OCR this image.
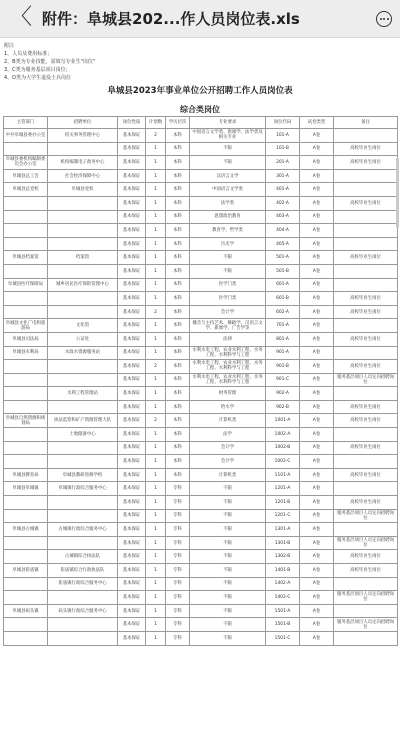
〈 附件：阜城县202...作人员岗位表.xls
附注
1、人员及费用标准；
2、B类为专业技能，需填写专业生"岗位"
3、C类为服务基层项目岗位；
4、D类为大学生退役士兵岗位
阜城县2023年事业单位公开招聘工作人员岗位表
综合类岗位
主管部门	招聘单位	岗位性质	计划数	学历层次	专业要求	岗位代码	试卷类型	备注
中共阜城县委办公室	机关事务管理中心	基本保证	2	本科	中国语言文学类、新闻学、法学类及相关专业	101-A	A卷	
		基本保证	1	本科	不限	101-B	A卷	高校毕业生岗位
阜城县委机构编制委员会办公室	机构编制电子政务中心	基本保证	1	本科	不限	201-A	A卷	高校毕业生岗位
阜城县总工会	社会经济保障中心	基本保证	1	本科	汉语言文学	301-A	A卷	
阜城县总党校	阜城县党校	基本保证	1	本科	中国语言文学类	401-A	A卷	
		基本保证	1	本科	法学类	402-A	A卷	高校毕业生岗位
		基本保证	1	本科	思想政治教育	403-A	A卷	
		基本保证	1	本科	教育学、哲学类	404-A	A卷	
		基本保证	1	本科	历史学	405-A	A卷	
阜城县档案馆	档案馆	基本保证	1	本科	不限	501-A	A卷	高校毕业生岗位
		基本保证	1	本科	不限	501-B	A卷	
阜城县医疗保障局	城乡居民医疗保险管理中心	基本保证	1	本科	医学门类	601-A	A卷	
		基本保证	1	本科	医学门类	601-B	A卷	高校毕业生岗位
		基本保证	2	本科	会计学	602-A	A卷	高校毕业生岗位
阜城县文化广电和旅游局	文化馆	基本保证	1	本科	播音与主持艺术、舞蹈学、汉语言文学、新闻学、广告学等	701-A	A卷	
阜城县司法局	公证处	基本保证	1	本科	法律	801-A	A卷	高校毕业生岗位
阜城县水利局	水政水资源服务站	基本保证	1	本科	水利水电工程、农业水利工程、水务工程、水利科学与工程	901-A	A卷	
		基本保证	2	本科	水利水电工程、农业水利工程、水务工程、水利科学与工程	901-B	A卷	高校毕业生岗位
		基本保证	1	本科	水利水电工程、农业水利工程、水务工程、水利科学与工程	901-C	A卷	服务基层项目人员定向招聘岗位
	水利工程管理站	基本保证	1	本科	财务管理	902-A	A卷	
		基本保证	1	本科	给水学	902-B	A卷	高校毕业生岗位
阜城县自然资源和规划局	执法监察和矿产资源管理大队	基本保证	2	本科	计算机类	1001-A	A卷	高校毕业生岗位
	土地储备中心	基本保证	1	本科	法学	1002-A	A卷	
		基本保证	1	本科	会计学	1002-B	A卷	高校毕业生岗位
		基本保证	1	本科	会计学	1002-C	A卷	
阜城县教育局	阜城县教研进修学校	基本保证	1	本科	计算机类	1101-A	A卷	高校毕业生岗位
阜城县阜城镇	阜城镇行政综合服务中心	基本保证	1	专科	不限	1201-A	A卷	
		基本保证	1	专科	不限	1201-B	A卷	高校毕业生岗位
		基本保证	1	专科	不限	1201-C	A卷	服务基层项目人员定向招聘岗位
阜城县古城镇	古城镇行政综合服务中心	基本保证	1	专科	不限	1301-A	A卷	
		基本保证	1	专科	不限	1301-B	A卷	服务基层项目人员定向招聘岗位
	古城镇综合执法队	基本保证	1	专科	不限	1302-B	A卷	高校毕业生岗位
阜城县崔庙镇	崔庙镇综合行政执法队	基本保证	1	专科	不限	1401-B	A卷	高校毕业生岗位
	崔庙镇行政综合服务中心	基本保证	1	专科	不限	1402-A	A卷	
		基本保证	1	专科	不限	1402-C	A卷	服务基层项目人员定向招聘岗位
阜城县码头镇	码头镇行政综合服务中心	基本保证	1	专科	不限	1501-A	A卷	
		基本保证	1	专科	不限	1501-B	A卷	服务基层项目人员定向招聘岗位
		基本保证	1	专科	不限	1501-C	A卷	
